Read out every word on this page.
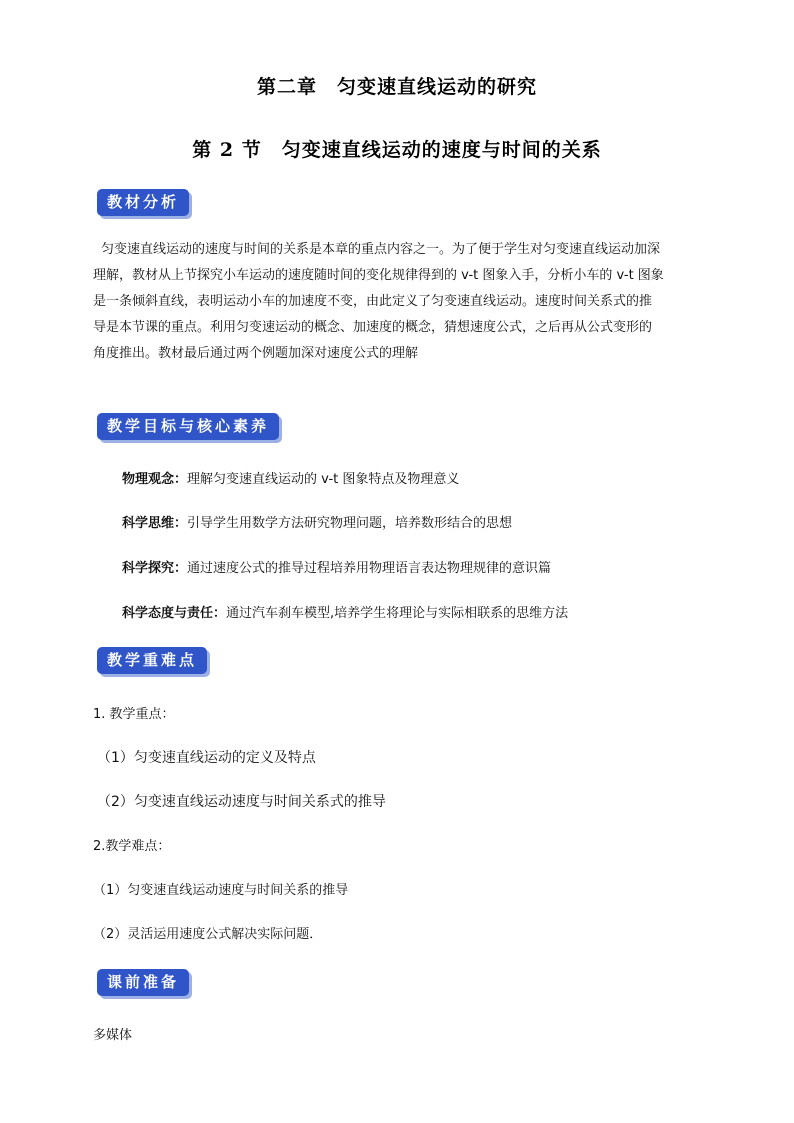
第二章　匀变速直线运动的研究
第 2 节　匀变速直线运动的速度与时间的关系
教材分析
匀变速直线运动的速度与时间的关系是本章的重点内容之一。为了便于学生对匀变速直线运动加深
理解，教材从上节探究小车运动的速度随时间的变化规律得到的 v-t 图象入手，分析小车的 v-t 图象
是一条倾斜直线，表明运动小车的加速度不变，由此定义了匀变速直线运动。速度时间关系式的推
导是本节课的重点。利用匀变速运动的概念、加速度的概念，猜想速度公式，之后再从公式变形的
角度推出。教材最后通过两个例题加深对速度公式的理解
教学目标与核心素养
物理观念：理解匀变速直线运动的 v-t 图象特点及物理意义
科学思维：引导学生用数学方法研究物理问题，培养数形结合的思想
科学探究：通过速度公式的推导过程培养用物理语言表达物理规律的意识篇
科学态度与责任：通过汽车刹车模型,培养学生将理论与实际相联系的思维方法
教学重难点
1. 教学重点：
（1）匀变速直线运动的定义及特点
（2）匀变速直线运动速度与时间关系式的推导
2.教学难点：
（1）匀变速直线运动速度与时间关系的推导
（2）灵活运用速度公式解决实际问题．
课前准备
多媒体
